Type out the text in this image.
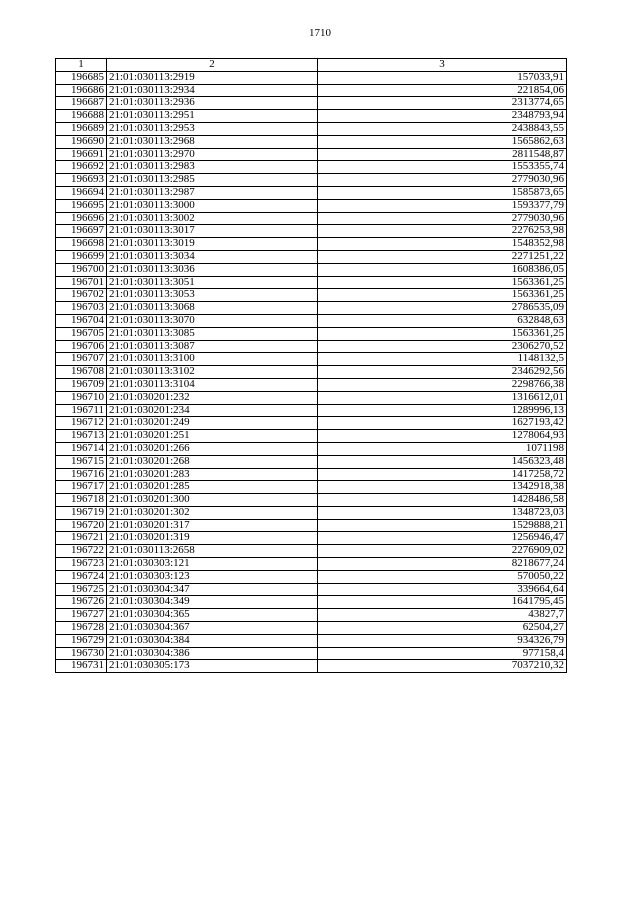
1710
1	2	3
196685	21:01:030113:2919	157033,91
196686	21:01:030113:2934	221854,06
196687	21:01:030113:2936	2313774,65
196688	21:01:030113:2951	2348793,94
196689	21:01:030113:2953	2438843,55
196690	21:01:030113:2968	1565862,63
196691	21:01:030113:2970	2811548,87
196692	21:01:030113:2983	1553355,74
196693	21:01:030113:2985	2779030,96
196694	21:01:030113:2987	1585873,65
196695	21:01:030113:3000	1593377,79
196696	21:01:030113:3002	2779030,96
196697	21:01:030113:3017	2276253,98
196698	21:01:030113:3019	1548352,98
196699	21:01:030113:3034	2271251,22
196700	21:01:030113:3036	1608386,05
196701	21:01:030113:3051	1563361,25
196702	21:01:030113:3053	1563361,25
196703	21:01:030113:3068	2786535,09
196704	21:01:030113:3070	632848,63
196705	21:01:030113:3085	1563361,25
196706	21:01:030113:3087	2306270,52
196707	21:01:030113:3100	1148132,5
196708	21:01:030113:3102	2346292,56
196709	21:01:030113:3104	2298766,38
196710	21:01:030201:232	1316612,01
196711	21:01:030201:234	1289996,13
196712	21:01:030201:249	1627193,42
196713	21:01:030201:251	1278064,93
196714	21:01:030201:266	1071198
196715	21:01:030201:268	1456323,48
196716	21:01:030201:283	1417258,72
196717	21:01:030201:285	1342918,38
196718	21:01:030201:300	1428486,58
196719	21:01:030201:302	1348723,03
196720	21:01:030201:317	1529888,21
196721	21:01:030201:319	1256946,47
196722	21:01:030113:2658	2276909,02
196723	21:01:030303:121	8218677,24
196724	21:01:030303:123	570050,22
196725	21:01:030304:347	339664,64
196726	21:01:030304:349	1641795,45
196727	21:01:030304:365	43827,7
196728	21:01:030304:367	62504,27
196729	21:01:030304:384	934326,79
196730	21:01:030304:386	977158,4
196731	21:01:030305:173	7037210,32
